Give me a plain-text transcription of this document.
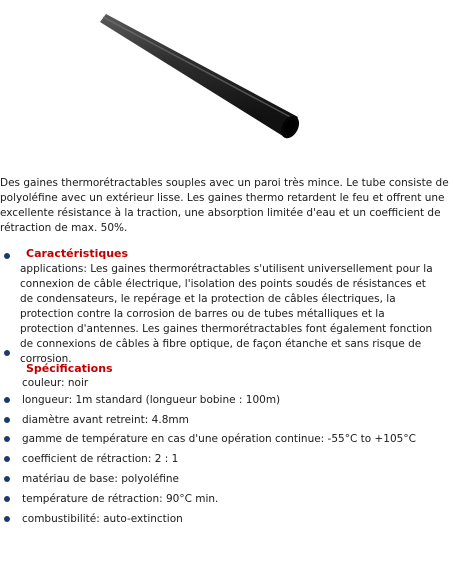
Des gaines thermorétractables souples avec un paroi très mince. Le tube consiste de polyoléfine avec un extérieur lisse. Les gaines thermo retardent le feu et offrent une excellente résistance à la traction, une absorption limitée d'eau et un coefficient de rétraction de max. 50%.
Caractéristiques
applications: Les gaines thermorétractables s'utilisent universellement pour la connexion de câble électrique, l'isolation des points soudés de résistances et de condensateurs, le repérage et la protection de câbles électriques, la protection contre la corrosion de barres ou de tubes métalliques et la protection d'antennes. Les gaines thermorétractables font également fonction de connexions de câbles à fibre optique, de façon étanche et sans risque de corrosion.
Spécifications
couleur: noir
longueur: 1m standard (longueur bobine : 100m)
diamètre avant retreint: 4.8mm
gamme de température en cas d'une opération continue: -55°C to +105°C
coefficient de rétraction: 2 : 1
matériau de base: polyoléfine
température de rétraction: 90°C min.
combustibilité: auto-extinction
